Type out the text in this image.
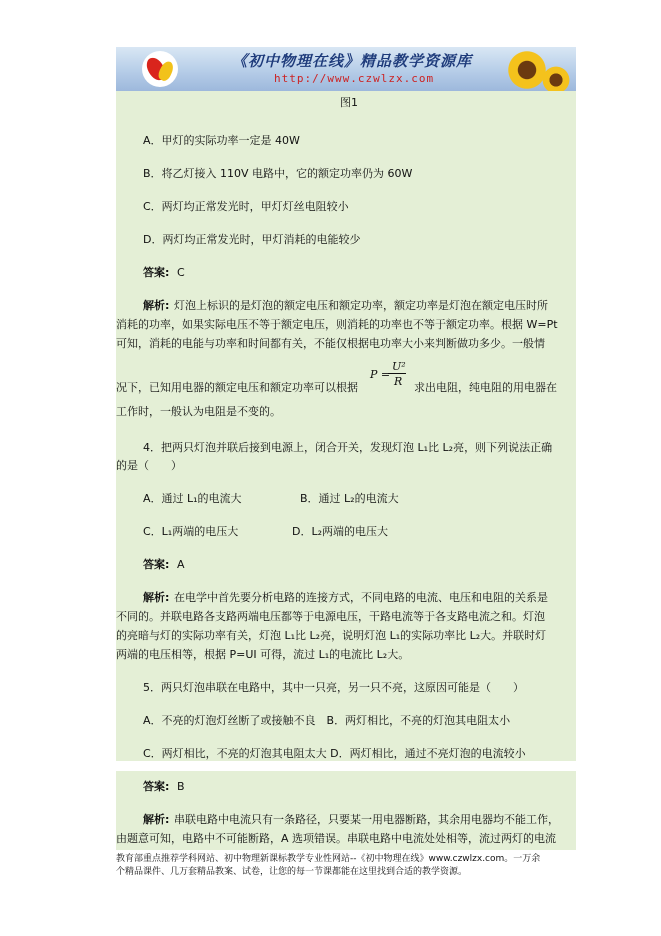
《初中物理在线》精品教学资源库
http://www.czwlzx.com
图1
A．甲灯的实际功率一定是 40W
B．将乙灯接入 110V 电路中，它的额定功率仍为 60W
C．两灯均正常发光时，甲灯灯丝电阻较小
D．两灯均正常发光时，甲灯消耗的电能较少
答案: C
解析: 灯泡上标识的是灯泡的额定电压和额定功率，额定功率是灯泡在额定电压时所
消耗的功率，如果实际电压不等于额定电压，则消耗的功率也不等于额定功率。根据 W=Pt
可知，消耗的电能与功率和时间都有关，不能仅根据电功率大小来判断做功多少。一般情
况下，已知用电器的额定电压和额定功率可以根据
P =
U²
R 求出电阻，纯电阻的用电器在
工作时，一般认为电阻是不变的。
4．把两只灯泡并联后接到电源上，闭合开关，发现灯泡 L₁比 L₂亮，则下列说法正确
的是（　　）
A．通过 L₁的电流大	B．通过 L₂的电流大
C．L₁两端的电压大	D．L₂两端的电压大
答案: A
解析: 在电学中首先要分析电路的连接方式，不同电路的电流、电压和电阻的关系是
不同的。并联电路各支路两端电压都等于电源电压，干路电流等于各支路电流之和。灯泡
的亮暗与灯的实际功率有关，灯泡 L₁比 L₂亮，说明灯泡 L₁的实际功率比 L₂大。并联时灯
两端的电压相等，根据 P=UI 可得，流过 L₁的电流比 L₂大。
5．两只灯泡串联在电路中，其中一只亮，另一只不亮，这原因可能是（　　）
A．不亮的灯泡灯丝断了或接触不良　B．两灯相比，不亮的灯泡其电阻太小
C．两灯相比，不亮的灯泡其电阻太大 D．两灯相比，通过不亮灯泡的电流较小
答案: B
解析: 串联电路中电流只有一条路径，只要某一用电器断路，其余用电器均不能工作，
由题意可知，电路中不可能断路，A 选项错误。串联电路中电流处处相等，流过两灯的电流
教育部重点推荐学科网站、初中物理新课标教学专业性网站--《初中物理在线》www.czwlzx.com。一万余
个精品课件、几万套精品教案、试卷，让您的每一节课都能在这里找到合适的教学资源。
